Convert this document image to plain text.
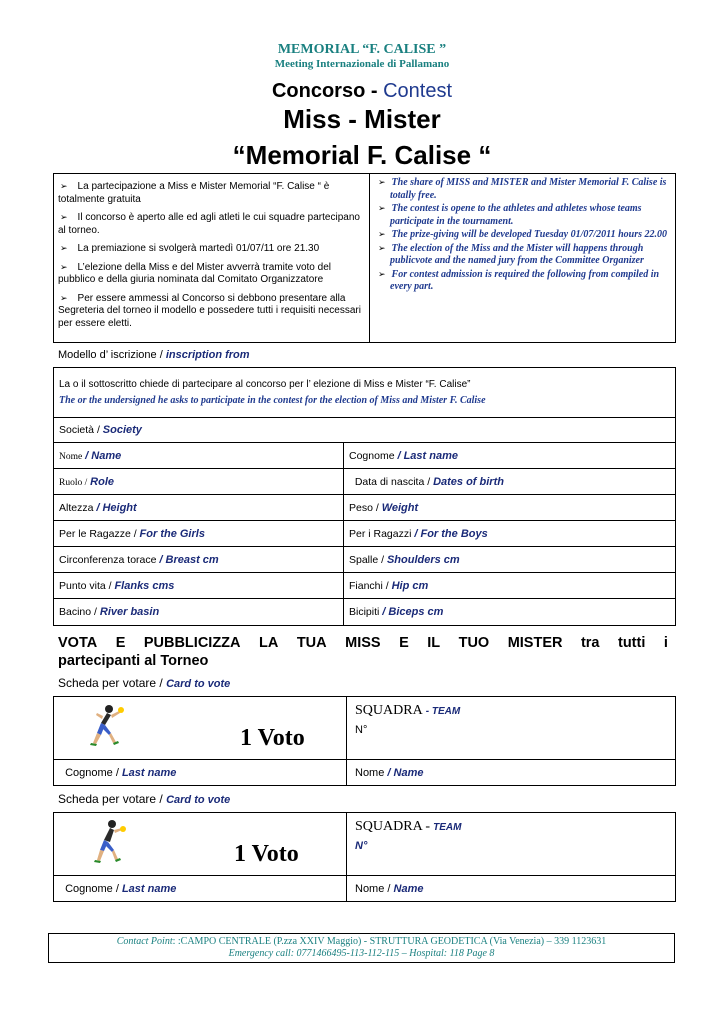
MEMORIAL “F. CALISE ”
Meeting Internazionale di Pallamano
Concorso - Contest
Miss - Mister
“Memorial F. Calise “

➢ La partecipazione a Miss e Mister Memorial “F. Calise “ è totalmente gratuita

➢ Il concorso è aperto alle ed agli atleti le cui squadre partecipano al torneo.

➢ La premiazione si svolgerà martedì 01/07/11 ore 21.30

➢ L’elezione della Miss e del Mister avverrà tramite voto del pubblico e della giuria nominata dal Comitato Organizzatore

➢ Per essere ammessi al Concorso si debbono presentare alla Segreteria del torneo il modello e possedere tutti i requisiti necessari per essere eletti.

➢ The share of MISS and MISTER and Mister Memorial F. Calise is totally free.

➢ The contest is opene to the athletes and athletes whose teams participate in the tournament.

➢ The prize-giving will be developed Tuesday 01/07/2011 hours 22.00

➢ The election of the Miss and the Mister will happens through publicvote and the named jury from the Committee Organizer

➢ For contest admission is required the following from compiled in every part.

Modello d’ iscrizione / inscription from
La o il sottoscritto chiede di partecipare al concorso per l’ elezione di Miss e Mister “F. Calise”
The or the undersigned he asks to participate in the contest for the election of Miss and Mister F. Calise	

Società / Society	
Nome / Name	Cognome / Last name
Ruolo / Role	Data di nascita / Dates of birth
Altezza / Height	Peso / Weight
Per le Ragazze / For the Girls	Per i Ragazzi / For the Boys
Circonferenza torace / Breast cm	Spalle / Shoulders cm
Punto vita / Flanks cms	Fianchi / Hip cm
Bacino / River basin	Bicipiti / Biceps cm
VOTA E PUBBLICIZZA LA TUA MISS E IL TUO MISTER tra tutti i
partecipanti al Torneo
Scheda per votare / Card to vote
1 Voto	SQUADRA - TEAM
N°

Cognome / Last name	Nome / Name
Scheda per votare / Card to vote
1 Voto	SQUADRA - TEAM
N°

Cognome / Last name	Nome / Name
Contact Point: :CAMPO CENTRALE (P.zza XXIV Maggio) - STRUTTURA GEODETICA (Via Venezia) – 339 1123631
Emergency call: 0771466495-113-112-115 – Hospital: 118 Page 8
